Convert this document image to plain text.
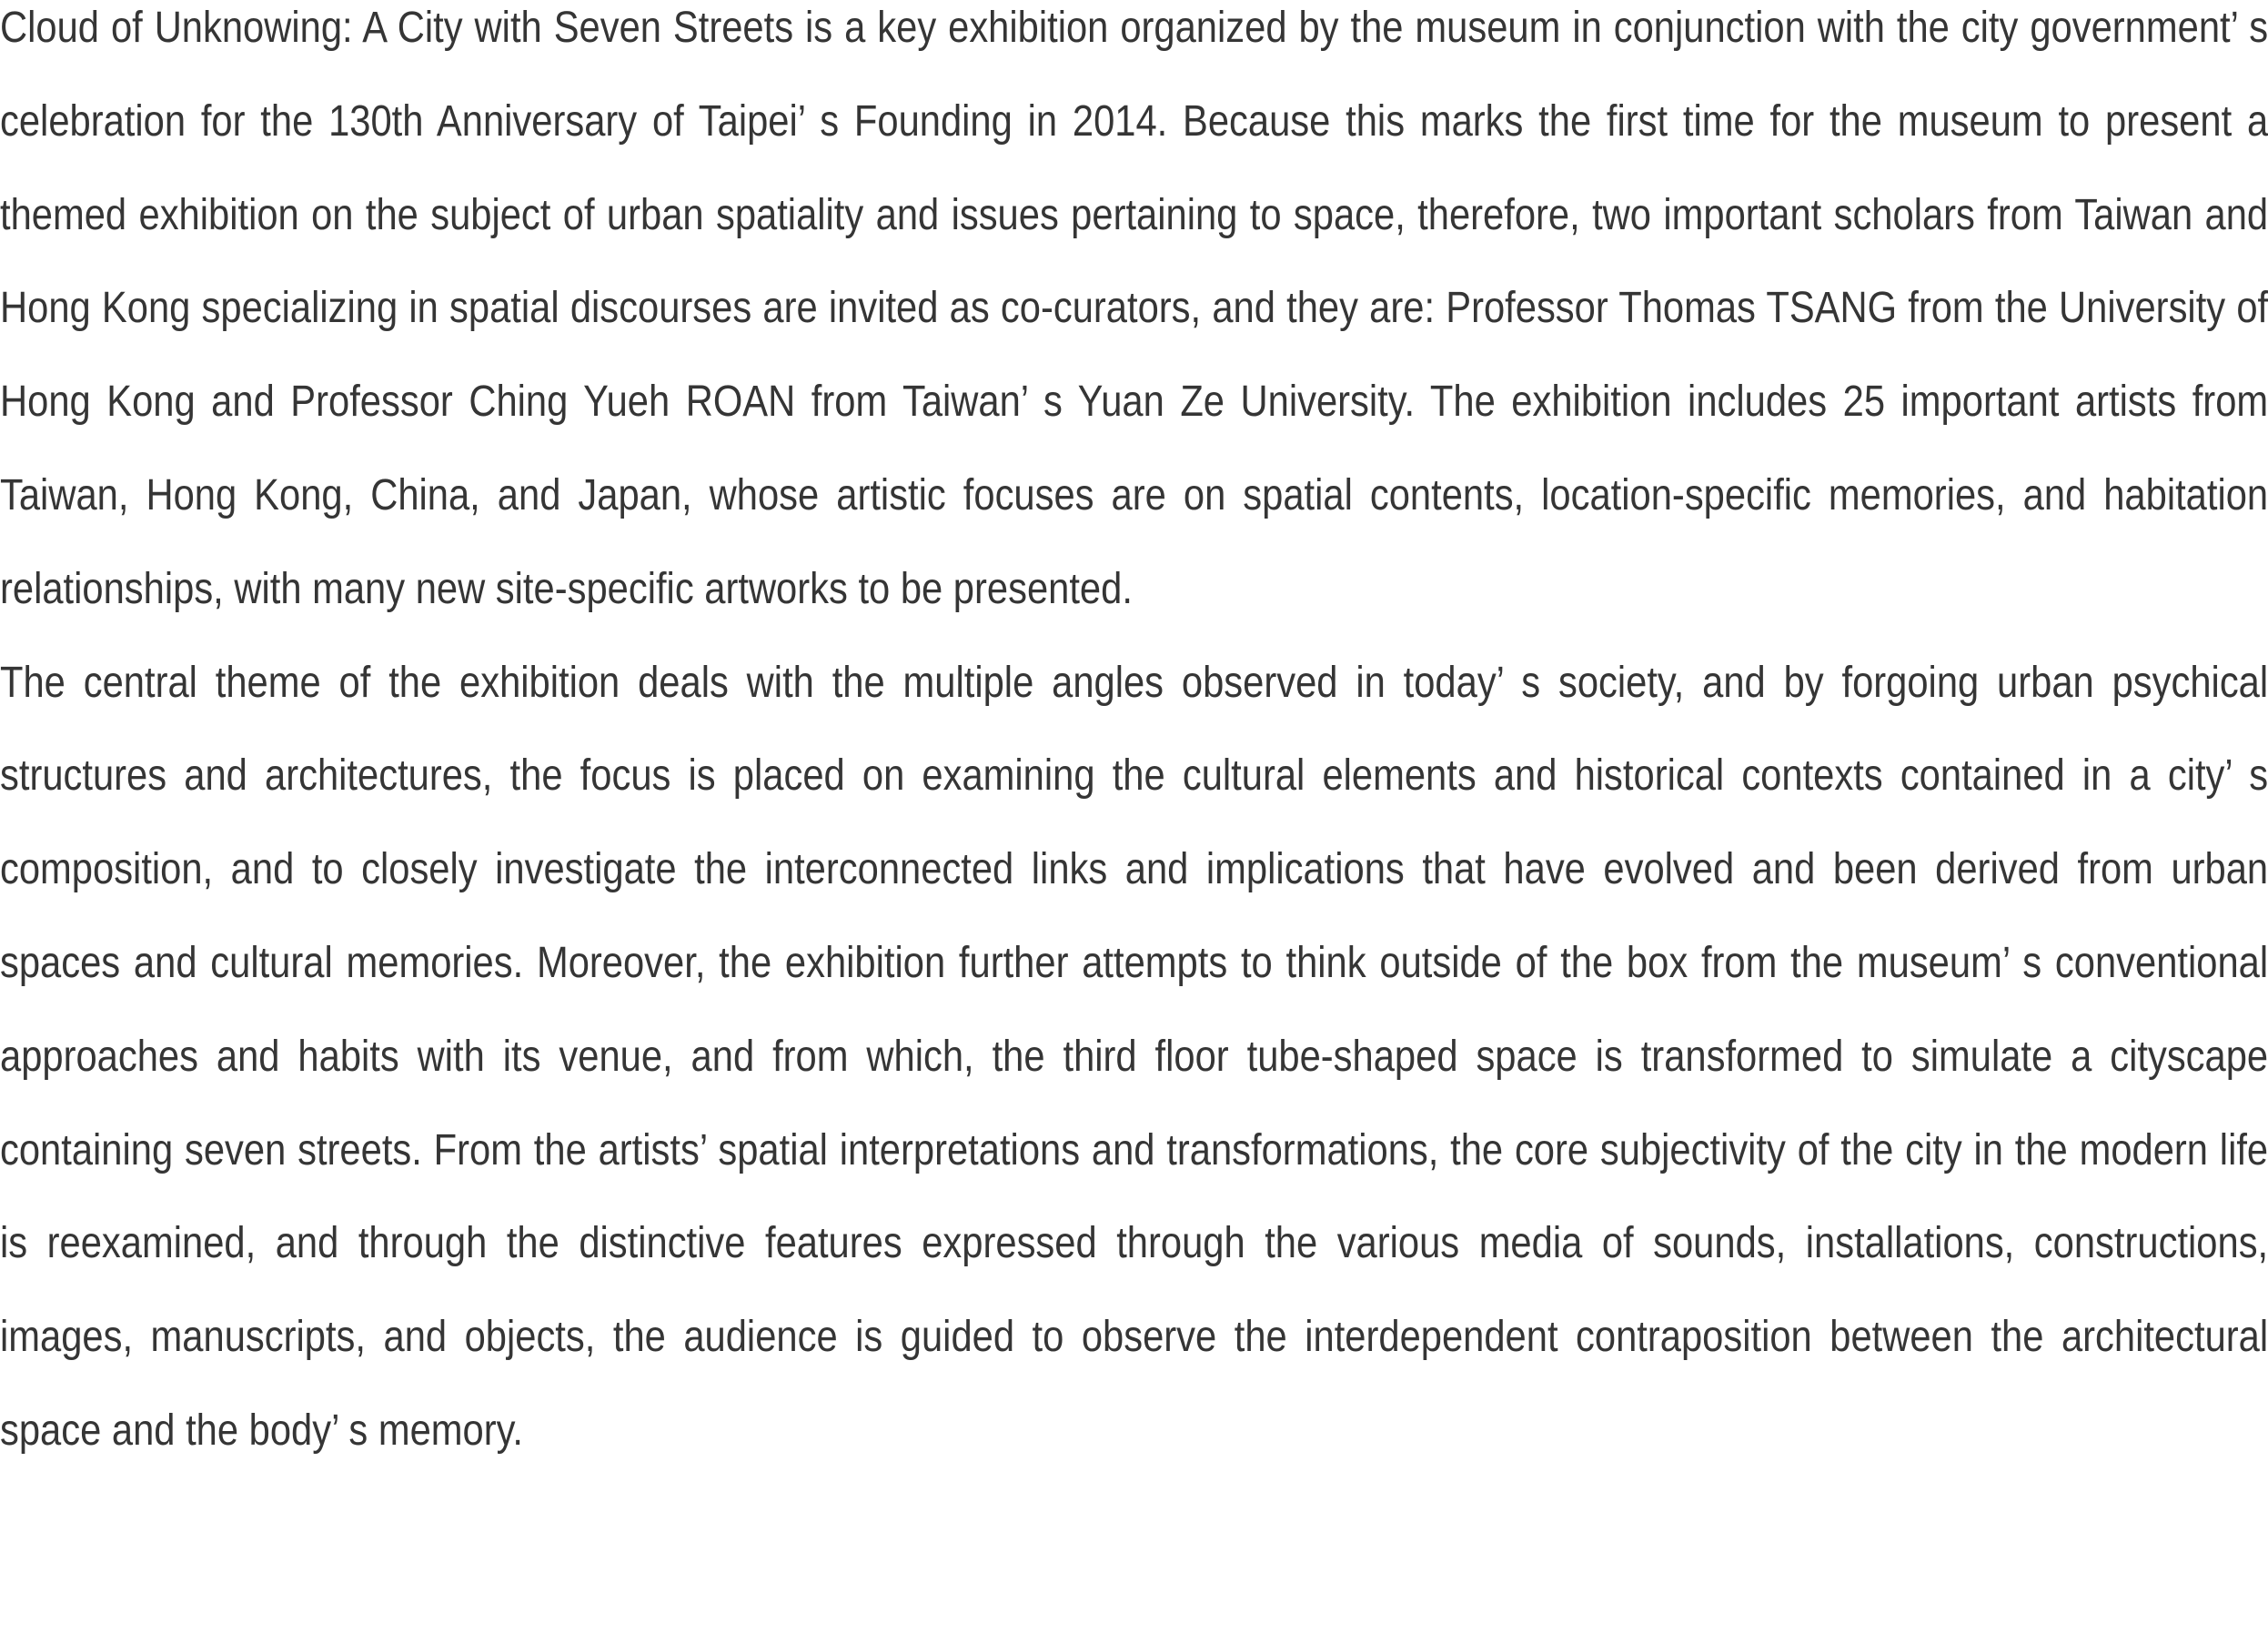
Cloud of Unknowing: A City with Seven Streets is a key exhibition organized by the museum in conjunction with the city government’ s celebration for the 130th Anniversary of Taipei’ s Founding in 2014. Because this marks the first time for the museum to present a themed exhibition on the subject of urban spatiality and issues pertaining to space, therefore, two important scholars from Taiwan and Hong Kong specializing in spatial discourses are invited as co-curators, and they are: Professor Thomas TSANG from the University of Hong Kong and Professor Ching Yueh ROAN from Taiwan’ s Yuan Ze University. The exhibition includes 25 important artists from Taiwan, Hong Kong, China, and Japan, whose artistic focuses are on spatial contents, location-specific memories, and habitation relationships, with many new site-specific artworks to be presented.

The central theme of the exhibition deals with the multiple angles observed in today’ s society, and by forgoing urban psychical structures and architectures, the focus is placed on examining the cultural elements and historical contexts contained in a city’ s composition, and to closely investigate the interconnected links and implications that have evolved and been derived from urban spaces and cultural memories. Moreover, the exhibition further attempts to think outside of the box from the museum’ s conventional approaches and habits with its venue, and from which, the third floor tube-shaped space is transformed to simulate a cityscape containing seven streets. From the artists’ spatial interpretations and transformations, the core subjectivity of the city in the modern life is reexamined, and through the distinctive features expressed through the various media of sounds, installations, constructions, images, manuscripts, and objects, the audience is guided to observe the interdependent contraposition between the architectural space and the body’ s memory.
